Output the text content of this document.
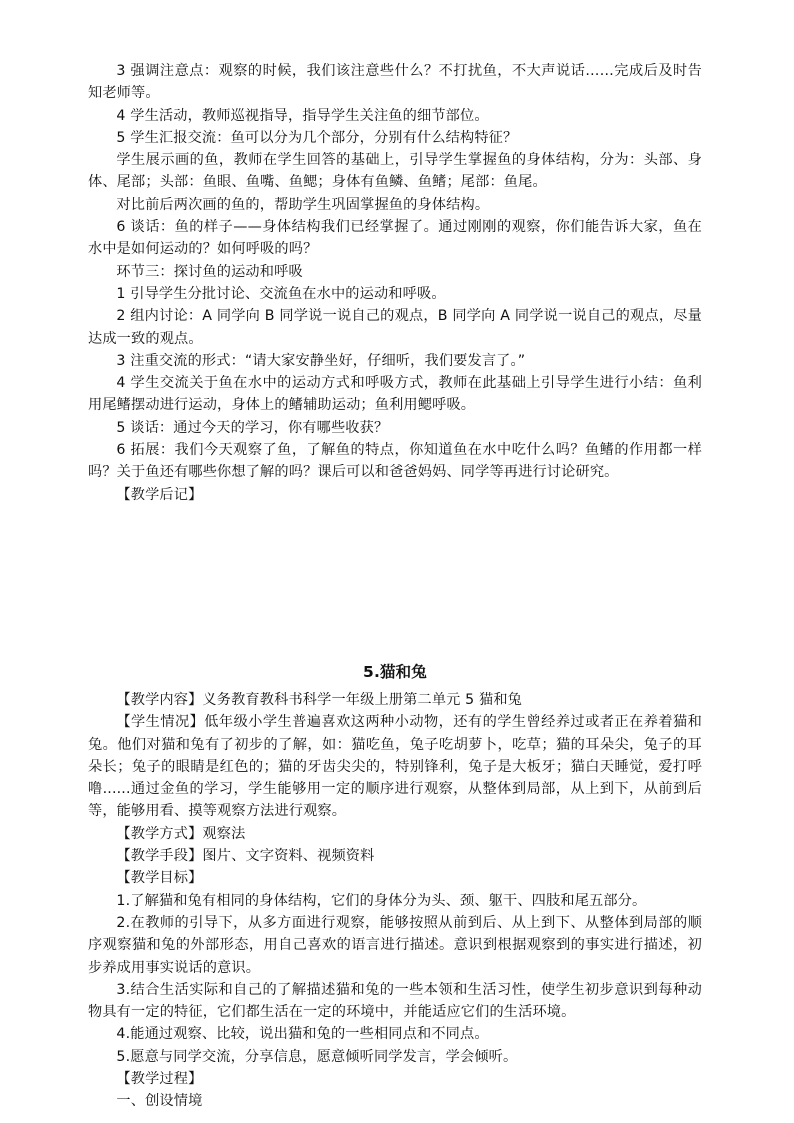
3 强调注意点：观察的时候，我们该注意些什么？不打扰鱼，不大声说话……完成后及时告知老师等。

4 学生活动，教师巡视指导，指导学生关注鱼的细节部位。

5 学生汇报交流：鱼可以分为几个部分，分别有什么结构特征？

学生展示画的鱼，教师在学生回答的基础上，引导学生掌握鱼的身体结构，分为：头部、身体、尾部；头部：鱼眼、鱼嘴、鱼鳃；身体有鱼鳞、鱼鳍；尾部：鱼尾。

对比前后两次画的鱼的，帮助学生巩固掌握鱼的身体结构。

6 谈话：鱼的样子——身体结构我们已经掌握了。通过刚刚的观察，你们能告诉大家，鱼在水中是如何运动的？如何呼吸的吗？

环节三：探讨鱼的运动和呼吸

1 引导学生分批讨论、交流鱼在水中的运动和呼吸。

2 组内讨论：A 同学向 B 同学说一说自己的观点，B 同学向 A 同学说一说自己的观点，尽量达成一致的观点。

3 注重交流的形式：“请大家安静坐好，仔细听，我们要发言了。”

4 学生交流关于鱼在水中的运动方式和呼吸方式，教师在此基础上引导学生进行小结：鱼利用尾鳍摆动进行运动，身体上的鳍辅助运动；鱼利用鳃呼吸。

5 谈话：通过今天的学习，你有哪些收获？

6 拓展：我们今天观察了鱼，了解鱼的特点，你知道鱼在水中吃什么吗？鱼鳍的作用都一样吗？关于鱼还有哪些你想了解的吗？课后可以和爸爸妈妈、同学等再进行讨论研究。

【教学后记】

5.猫和兔

【教学内容】义务教育教科书科学一年级上册第二单元 5 猫和兔

【学生情况】低年级小学生普遍喜欢这两种小动物，还有的学生曾经养过或者正在养着猫和兔。他们对猫和兔有了初步的了解，如：猫吃鱼，兔子吃胡萝卜，吃草；猫的耳朵尖，兔子的耳朵长；兔子的眼睛是红色的；猫的牙齿尖尖的，特别锋利，兔子是大板牙；猫白天睡觉，爱打呼噜......通过金鱼的学习，学生能够用一定的顺序进行观察，从整体到局部，从上到下，从前到后等，能够用看、摸等观察方法进行观察。

【教学方式】观察法

【教学手段】图片、文字资料、视频资料

【教学目标】

1.了解猫和兔有相同的身体结构，它们的身体分为头、颈、躯干、四肢和尾五部分。

2.在教师的引导下，从多方面进行观察，能够按照从前到后、从上到下、从整体到局部的顺序观察猫和兔的外部形态，用自己喜欢的语言进行描述。意识到根据观察到的事实进行描述，初步养成用事实说话的意识。

3.结合生活实际和自己的了解描述猫和兔的一些本领和生活习性，使学生初步意识到每种动物具有一定的特征，它们都生活在一定的环境中，并能适应它们的生活环境。

4.能通过观察、比较，说出猫和兔的一些相同点和不同点。

5.愿意与同学交流，分享信息，愿意倾听同学发言，学会倾听。

【教学过程】

一、创设情境
